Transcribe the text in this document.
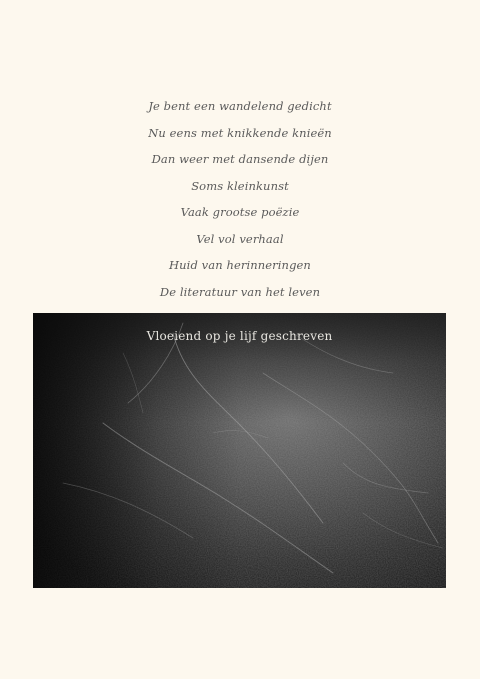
Je bent een wandelend gedicht
Nu eens met knikkende knieën
Dan weer met dansende dijen
Soms kleinkunst
Vaak grootse poëzie
Vel vol verhaal
Huid van herinneringen
De literatuur van het leven
Vloeiend op je lijf geschreven
